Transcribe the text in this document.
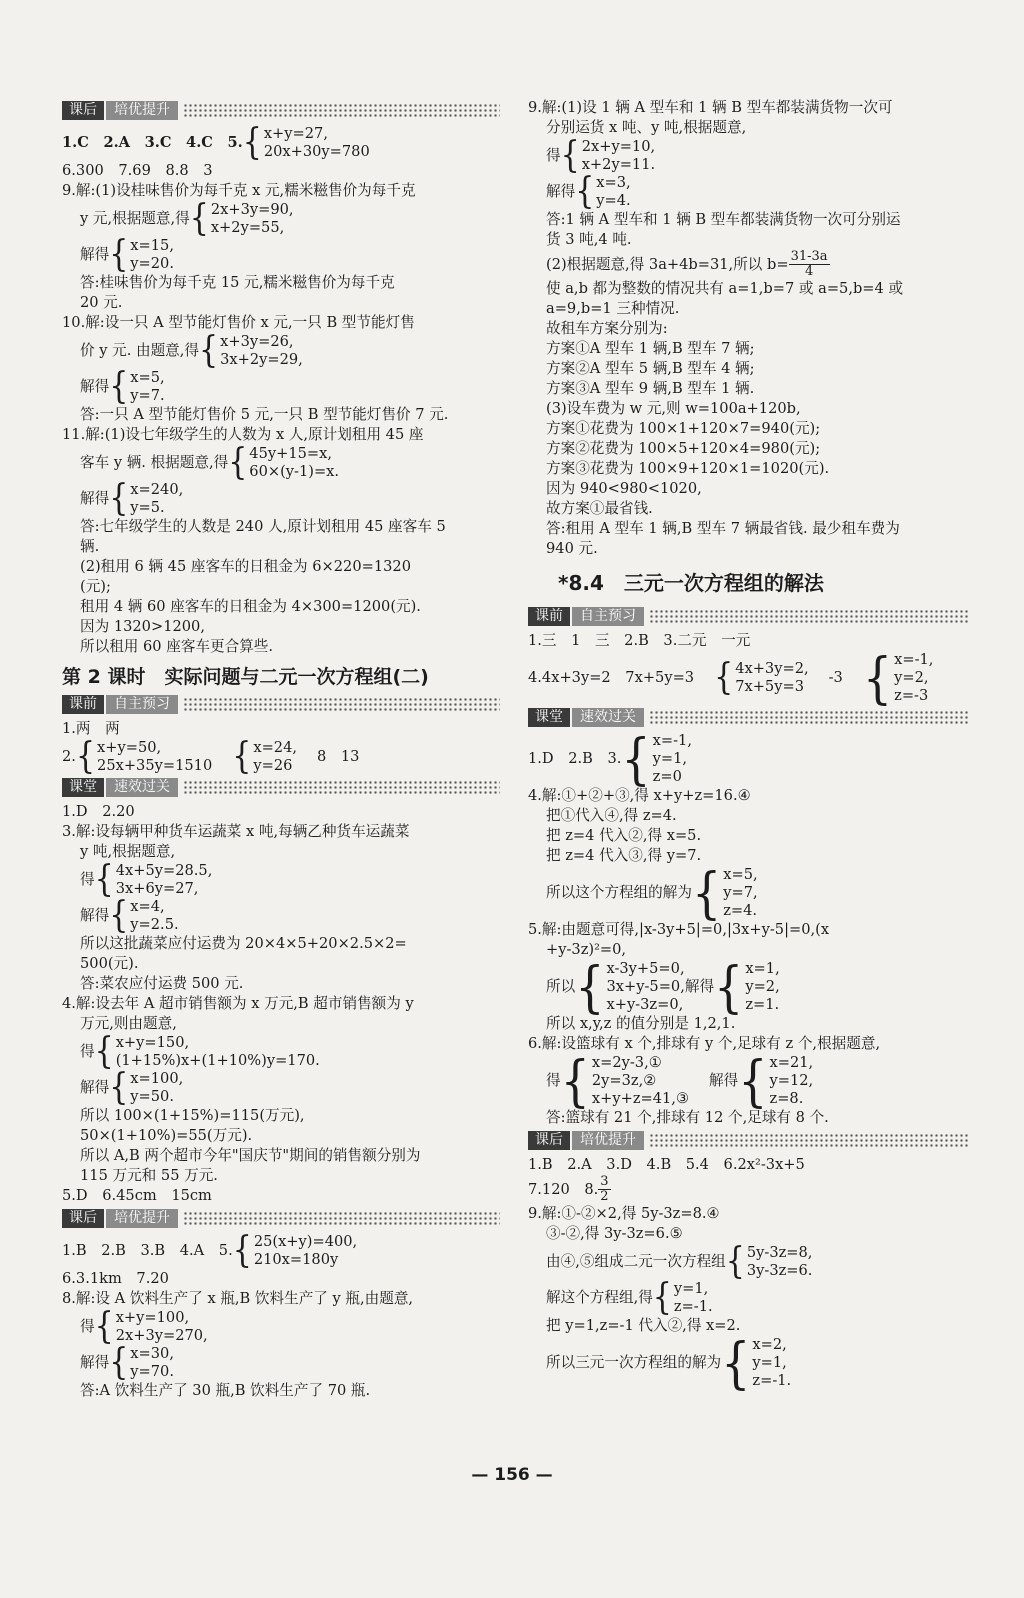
课后	培优提升
1.C　2.A　3.C　4.C　5. { x+y=27,
20x+30y=780
6.300　7.69　8.8　3
9.解:(1)设桂味售价为每千克 x 元,糯米糍售价为每千克
y 元,根据题意,得 { 2x+3y=90,
x+2y=55,
解得 { x=15,
y=20.
答:桂味售价为每千克 15 元,糯米糍售价为每千克
20 元.
10.解:设一只 A 型节能灯售价 x 元,一只 B 型节能灯售
价 y 元. 由题意,得 { x+3y=26,
3x+2y=29,
解得 { x=5,
y=7.
答:一只 A 型节能灯售价 5 元,一只 B 型节能灯售价 7 元.
11.解:(1)设七年级学生的人数为 x 人,原计划租用 45 座
客车 y 辆. 根据题意,得 { 45y+15=x,
60×(y-1)=x.
解得 { x=240,
y=5.
答:七年级学生的人数是 240 人,原计划租用 45 座客车 5
辆.
(2)租用 6 辆 45 座客车的日租金为 6×220=1320
(元);
租用 4 辆 60 座客车的日租金为 4×300=1200(元).
因为 1320>1200,
所以租用 60 座客车更合算些.
第 2 课时　实际问题与二元一次方程组(二)
课前	自主预习
1.两　两
2. { x+y=50,
25x+35y=1510 { x=24,
y=26
8　13
课堂	速效过关
1.D　2.20
3.解:设每辆甲种货车运蔬菜 x 吨,每辆乙种货车运蔬菜
y 吨,根据题意,
得 { 4x+5y=28.5,
3x+6y=27,
解得 { x=4,
y=2.5.
所以这批蔬菜应付运费为 20×4×5+20×2.5×2=
500(元).
答:菜农应付运费 500 元.
4.解:设去年 A 超市销售额为 x 万元,B 超市销售额为 y
万元,则由题意,
得 { x+y=150,
(1+15%)x+(1+10%)y=170.
解得 { x=100,
y=50.
所以 100×(1+15%)=115(万元),
50×(1+10%)=55(万元).
所以 A,B 两个超市今年"国庆节"期间的销售额分别为
115 万元和 55 万元.
5.D　6.45cm　15cm
课后	培优提升
1.B　2.B　3.B　4.A　5. { 25(x+y)=400,
210x=180y
6.3.1km　7.20
8.解:设 A 饮料生产了 x 瓶,B 饮料生产了 y 瓶,由题意,
得 { x+y=100,
2x+3y=270,
解得 { x=30,
y=70.
答:A 饮料生产了 30 瓶,B 饮料生产了 70 瓶.
9.解:(1)设 1 辆 A 型车和 1 辆 B 型车都装满货物一次可
分别运货 x 吨、y 吨,根据题意,
得 { 2x+y=10,
x+2y=11.
解得 { x=3,
y=4.
答:1 辆 A 型车和 1 辆 B 型车都装满货物一次可分别运
货 3 吨,4 吨.
(2)根据题意,得 3a+4b=31,所以 $b= \frac{31-3a}{4}$
使 a,b 都为整数的情况共有 a=1,b=7 或 a=5,b=4 或
a=9,b=1 三种情况.
故租车方案分别为:
方案①A 型车 1 辆,B 型车 7 辆;
方案②A 型车 5 辆,B 型车 4 辆;
方案③A 型车 9 辆,B 型车 1 辆.
(3)设车费为 w 元,则 w=100a+120b,
方案①花费为 100×1+120×7=940(元);
方案②花费为 100×5+120×4=980(元);
方案③花费为 100×9+120×1=1020(元).
因为 940<980<1020,
故方案①最省钱.
答:租用 A 型车 1 辆,B 型车 7 辆最省钱. 最少租车费为
940 元.
*8.4　三元一次方程组的解法
课前	自主预习
1.三　1　三　2.B　3.二元　一元
4.4x+3y=2　7x+5y=3 { 4x+3y=2,
7x+5y=3
-3 { x=-1,
y=2,
z=-3
课堂	速效过关
1.D　2.B　3. { x=-1,
y=1,
z=0
4.解:①+②+③,得 x+y+z=16.④
把①代入④,得 z=4.
把 z=4 代入②,得 x=5.
把 z=4 代入③,得 y=7.
所以这个方程组的解为 { x=5,
y=7,
z=4.
5.解:由题意可得,|x-3y+5|=0,|3x+y-5|=0,(x
+y-3z)²=0,
所以 { x-3y+5=0,
3x+y-5=0,
x+y-3z=0,
解得 { x=1,
y=2,
z=1.
所以 x,y,z 的值分别是 1,2,1.
6.解:设篮球有 x 个,排球有 y 个,足球有 z 个,根据题意,
得 { x=2y-3,①
2y=3z,②
x+y+z=41,③
解得 { x=21,
y=12,
z=8.
答:篮球有 21 个,排球有 12 个,足球有 8 个.
课后	培优提升
1.B　2.A　3.D　4.B　5.4　6.2x²-3x+5
7.120　8. $\frac{3}{2}$
9.解:①-②×2,得 5y-3z=8.④
③-②,得 3y-3z=6.⑤
由④,⑤组成二元一次方程组 { 5y-3z=8,
3y-3z=6.
解这个方程组,得 { y=1,
z=-1.
把 y=1,z=-1 代入②,得 x=2.
所以三元一次方程组的解为 { x=2,
y=1,
z=-1.
— 156 —
